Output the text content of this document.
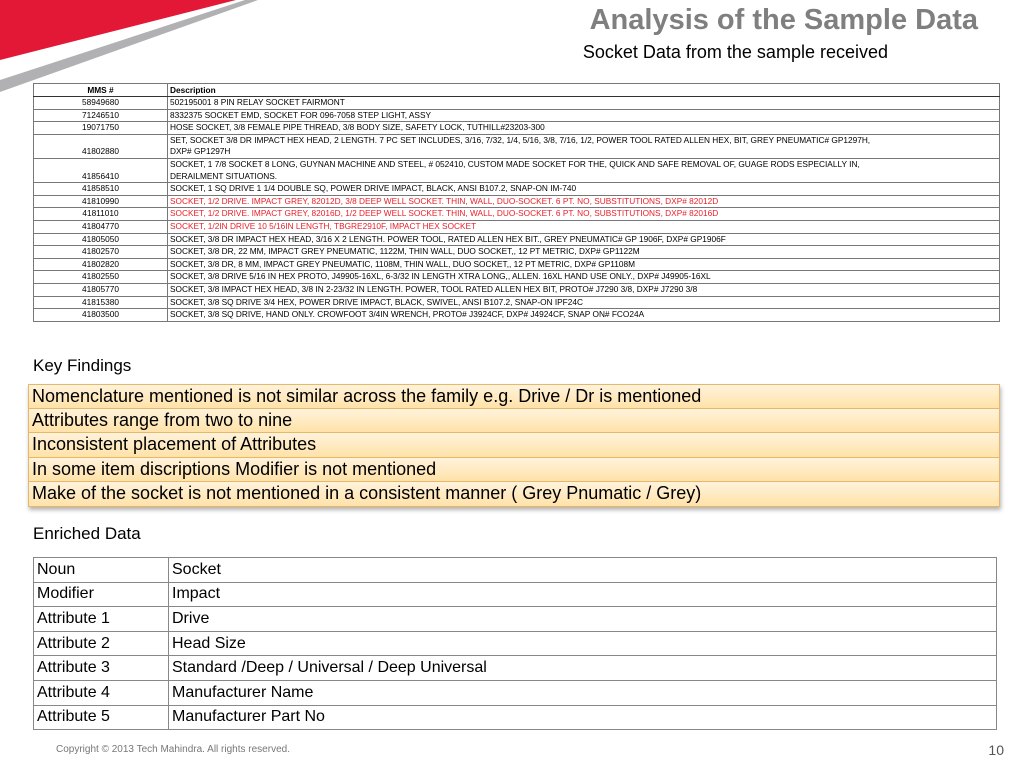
Analysis of the Sample Data
Socket Data from the sample received
MMS #	Description
58949680	502195001 8 PIN RELAY SOCKET FAIRMONT
71246510	8332375 SOCKET EMD, SOCKET FOR 096-7058 STEP LIGHT, ASSY
19071750	HOSE SOCKET, 3/8 FEMALE PIPE THREAD, 3/8 BODY SIZE, SAFETY LOCK, TUTHILL#23203-300
41802880	SET, SOCKET 3/8 DR IMPACT HEX HEAD, 2 LENGTH. 7 PC SET INCLUDES, 3/16, 7/32, 1/4, 5/16, 3/8, 7/16, 1/2, POWER TOOL RATED ALLEN HEX, BIT, GREY PNEUMATIC# GP1297H,
DXP# GP1297H
41856410	SOCKET, 1 7/8 SOCKET 8 LONG, GUYNAN MACHINE AND STEEL, # 052410, CUSTOM MADE SOCKET FOR THE, QUICK AND SAFE REMOVAL OF, GUAGE RODS ESPECIALLY IN,
DERAILMENT SITUATIONS.
41858510	SOCKET, 1 SQ DRIVE 1 1/4 DOUBLE SQ, POWER DRIVE IMPACT, BLACK, ANSI B107.2, SNAP-ON IM-740
41810990	SOCKET, 1/2 DRIVE. IMPACT GREY, 82012D, 3/8 DEEP WELL SOCKET. THIN, WALL, DUO-SOCKET. 6 PT. NO, SUBSTITUTIONS, DXP# 82012D
41811010	SOCKET, 1/2 DRIVE. IMPACT GREY, 82016D, 1/2 DEEP WELL SOCKET. THIN, WALL, DUO-SOCKET. 6 PT. NO, SUBSTITUTIONS, DXP# 82016D
41804770	SOCKET, 1/2IN DRIVE 10 5/16IN LENGTH, TBGRE2910F, IMPACT HEX SOCKET
41805050	SOCKET, 3/8 DR IMPACT HEX HEAD, 3/16 X 2 LENGTH. POWER TOOL, RATED ALLEN HEX BIT., GREY PNEUMATIC# GP 1906F, DXP# GP1906F
41802570	SOCKET, 3/8 DR, 22 MM, IMPACT GREY PNEUMATIC, 1122M, THIN WALL, DUO SOCKET,, 12 PT METRIC, DXP# GP1122M
41802820	SOCKET, 3/8 DR, 8 MM, IMPACT GREY PNEUMATIC, 1108M, THIN WALL, DUO SOCKET,, 12 PT METRIC, DXP# GP1108M
41802550	SOCKET, 3/8 DRIVE 5/16 IN HEX PROTO, J49905-16XL, 6-3/32 IN LENGTH XTRA LONG,, ALLEN. 16XL HAND USE ONLY., DXP# J49905-16XL
41805770	SOCKET, 3/8 IMPACT HEX HEAD, 3/8 IN 2-23/32 IN LENGTH. POWER, TOOL RATED ALLEN HEX BIT, PROTO# J7290 3/8, DXP# J7290 3/8
41815380	SOCKET, 3/8 SQ DRIVE 3/4 HEX, POWER DRIVE IMPACT, BLACK, SWIVEL, ANSI B107.2, SNAP-ON IPF24C
41803500	SOCKET, 3/8 SQ DRIVE, HAND ONLY. CROWFOOT 3/4IN WRENCH, PROTO# J3924CF, DXP# J4924CF, SNAP ON# FCO24A
Key Findings
Nomenclature mentioned is not similar across the family e.g. Drive / Dr is mentioned
Attributes range from two to nine
Inconsistent placement of Attributes
In some item discriptions Modifier is not mentioned
Make of the socket is not mentioned in a consistent manner ( Grey Pnumatic / Grey)
Enriched Data
Noun	Socket
Modifier	Impact
Attribute 1	Drive
Attribute 2	Head Size
Attribute 3	Standard /Deep / Universal / Deep Universal
Attribute 4	Manufacturer Name
Attribute 5	Manufacturer Part No
Copyright © 2013 Tech Mahindra. All rights reserved.	10
